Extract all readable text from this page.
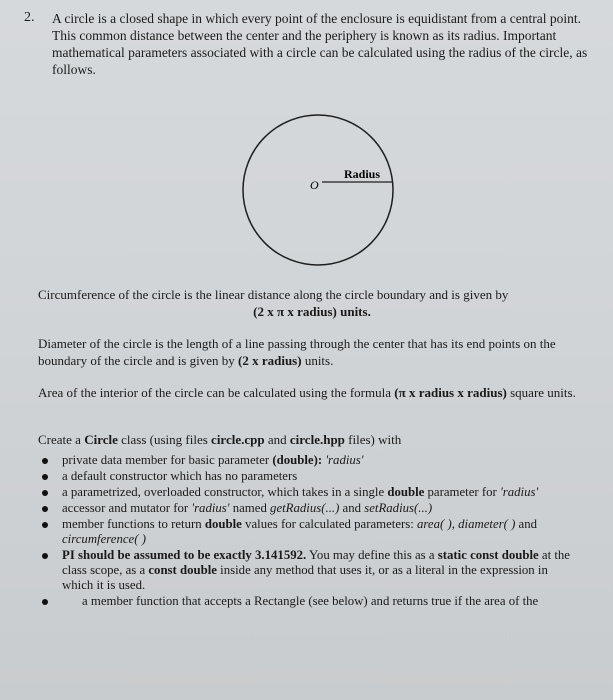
2. A circle is a closed shape in which every point of the enclosure is equidistant from a central point. This common distance between the center and the periphery is known as its radius. Important mathematical parameters associated with a circle can be calculated using the radius of the circle, as follows.

O
Radius

Circumference of the circle is the linear distance along the circle boundary and is given by
(2 x π x radius) units.

Diameter of the circle is the length of a line passing through the center that has its end points on the boundary of the circle and is given by (2 x radius) units.

Area of the interior of the circle can be calculated using the formula (π x radius x radius) square units.

Create a Circle class (using files circle.cpp and circle.hpp files) with

private data member for basic parameter (double): 'radius'
a default constructor which has no parameters
a parametrized, overloaded constructor, which takes in a single double parameter for 'radius'
accessor and mutator for 'radius' named getRadius(...) and setRadius(...)
member functions to return double values for calculated parameters: area( ), diameter( ) and circumference( )
PI should be assumed to be exactly 3.141592. You may define this as a static const double at the class scope, as a const double inside any method that uses it, or as a literal in the expression in which it is used.
a member function that accepts a Rectangle (see below) and returns true if the area of the
